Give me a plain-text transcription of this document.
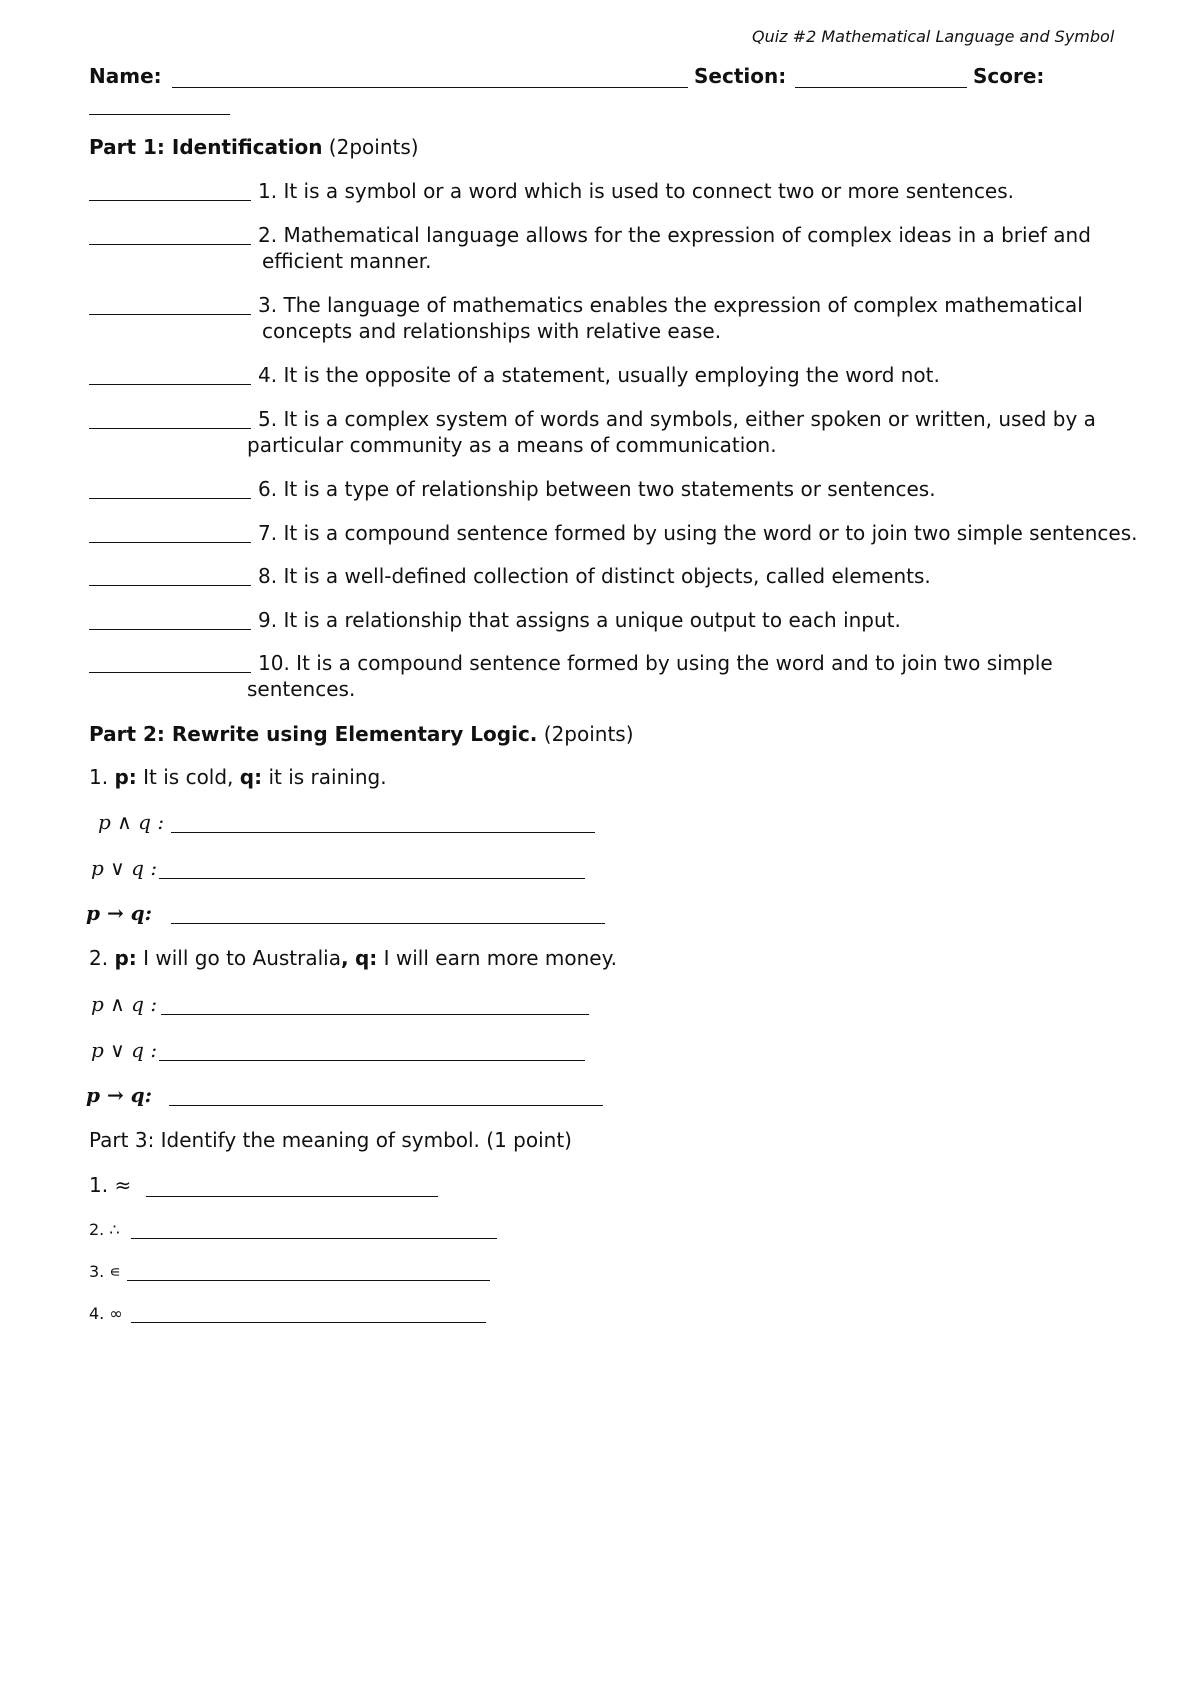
Quiz #2 Mathematical Language and Symbol
Name:	Section:	Score:
Part 1: Identification (2points)
1. It is a symbol or a word which is used to connect two or more sentences.
2. Mathematical language allows for the expression of complex ideas in a brief and
efficient manner.
3. The language of mathematics enables the expression of complex mathematical
concepts and relationships with relative ease.
4. It is the opposite of a statement, usually employing the word not.
5. It is a complex system of words and symbols, either spoken or written, used by a
particular community as a means of communication.
6. It is a type of relationship between two statements or sentences.
7. It is a compound sentence formed by using the word or to join two simple sentences.
8. It is a well-defined collection of distinct objects, called elements.
9. It is a relationship that assigns a unique output to each input.
10. It is a compound sentence formed by using the word and to join two simple
sentences.
Part 2: Rewrite using Elementary Logic. (2points)
1. p: It is cold, q: it is raining.
p ∧ q :
p ∨ q :
p → q:
2. p: I will go to Australia, q: I will earn more money.
p ∧ q :
p ∨ q :
p → q:
Part 3: Identify the meaning of symbol. (1 point)
1. ≈
2. ∴
3. ∊
4. ∞
